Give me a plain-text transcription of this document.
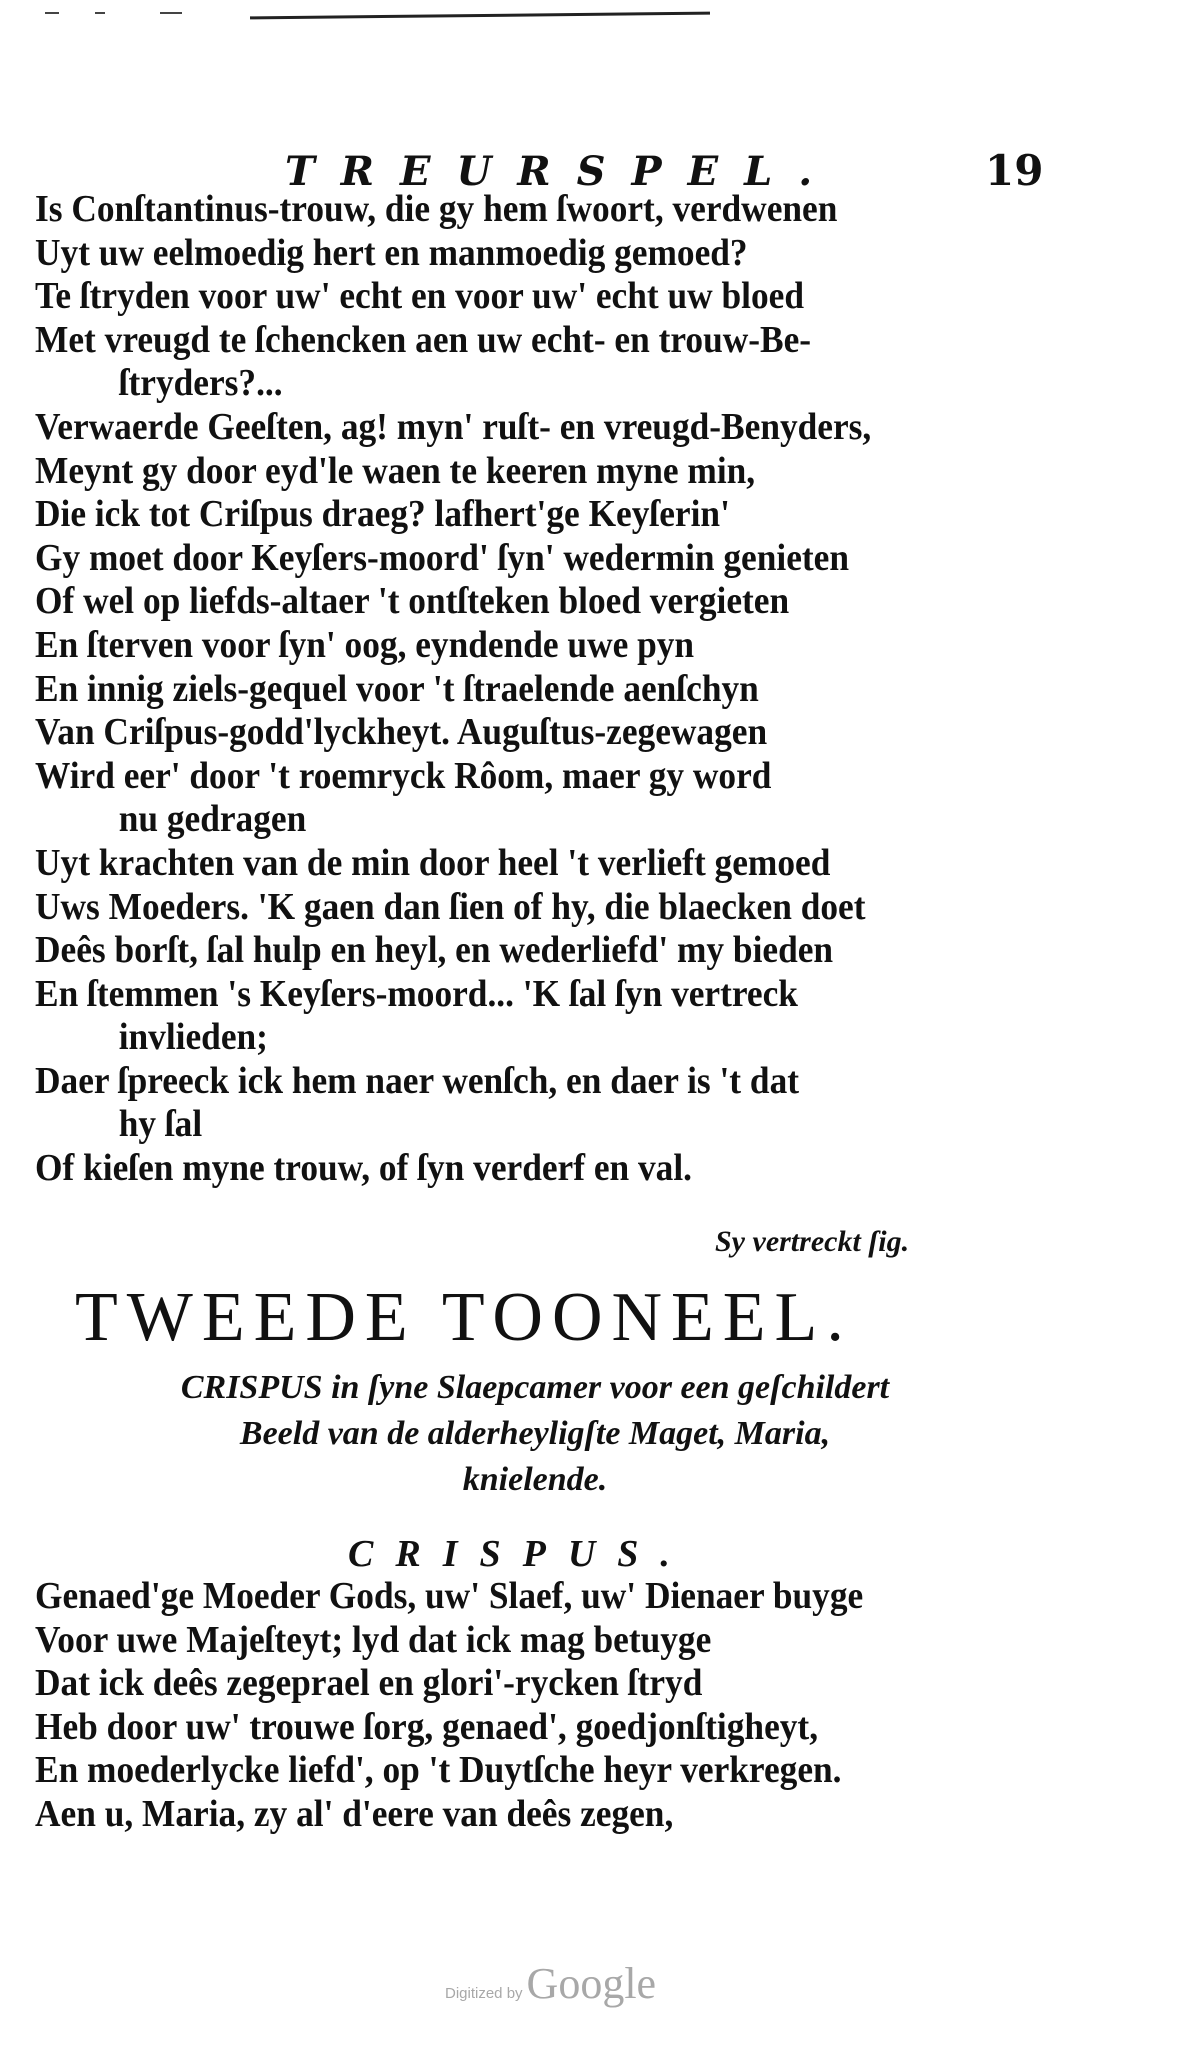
TREURSPEL.	19
Is Conſtantinus-trouw, die gy hem ſwoort, verdwenen
Uyt uw eelmoedig hert en manmoedig gemoed?
Te ſtryden voor uw' echt en voor uw' echt uw bloed
Met vreugd te ſchencken aen uw echt- en trouw-Be-
ſtryders?...
Verwaerde Geeſten, ag! myn' ruſt- en vreugd-Benyders,
Meynt gy door eyd'le waen te keeren myne min,
Die ick tot Criſpus draeg? lafhert'ge Keyſerin'
Gy moet door Keyſers-moord' ſyn' wedermin genieten
Of wel op liefds-altaer 't ontſteken bloed vergieten
En ſterven voor ſyn' oog, eyndende uwe pyn
En innig ziels-gequel voor 't ſtraelende aenſchyn
Van Criſpus-godd'lyckheyt. Auguſtus-zegewagen
Wird eer' door 't roemryck Rôom, maer gy word
nu gedragen
Uyt krachten van de min door heel 't verlieft gemoed
Uws Moeders. 'K gaen dan ſien of hy, die blaecken doet
Deês borſt, ſal hulp en heyl, en wederliefd' my bieden
En ſtemmen 's Keyſers-moord... 'K ſal ſyn vertreck
invlieden;
Daer ſpreeck ick hem naer wenſch, en daer is 't dat
hy ſal
Of kieſen myne trouw, of ſyn verderf en val.
Sy vertreckt ſig.
TWEEDE TOONEEL.
CRISPUS in ſyne Slaepcamer voor een geſchildert
Beeld van de alderheyligſte Maget, Maria,
knielende.
CRISPUS.
Genaed'ge Moeder Gods, uw' Slaef, uw' Dienaer buyge
Voor uwe Majeſteyt; lyd dat ick mag betuyge
Dat ick deês zegeprael en glori'-rycken ſtryd
Heb door uw' trouwe ſorg, genaed', goedjonſtigheyt,
En moederlycke liefd', op 't Duytſche heyr verkregen.
Aen u, Maria, zy al' d'eere van deês zegen,
Digitized byGoogle
